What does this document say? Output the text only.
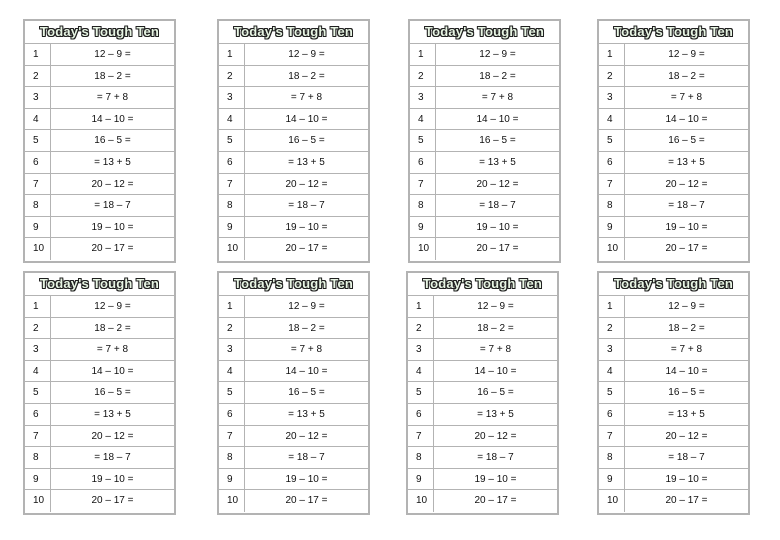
Today's Tough Ten
1	12 – 9 =
2	18 – 2 =
3	= 7 + 8
4	14 – 10 =
5	16 – 5 =
6	= 13 + 5
7	20 – 12 =
8	= 18 – 7
9	19 – 10 =
10	20 – 17 =
Today's Tough Ten
1	12 – 9 =
2	18 – 2 =
3	= 7 + 8
4	14 – 10 =
5	16 – 5 =
6	= 13 + 5
7	20 – 12 =
8	= 18 – 7
9	19 – 10 =
10	20 – 17 =
Today's Tough Ten
1	12 – 9 =
2	18 – 2 =
3	= 7 + 8
4	14 – 10 =
5	16 – 5 =
6	= 13 + 5
7	20 – 12 =
8	= 18 – 7
9	19 – 10 =
10	20 – 17 =
Today's Tough Ten
1	12 – 9 =
2	18 – 2 =
3	= 7 + 8
4	14 – 10 =
5	16 – 5 =
6	= 13 + 5
7	20 – 12 =
8	= 18 – 7
9	19 – 10 =
10	20 – 17 =
Today's Tough Ten
1	12 – 9 =
2	18 – 2 =
3	= 7 + 8
4	14 – 10 =
5	16 – 5 =
6	= 13 + 5
7	20 – 12 =
8	= 18 – 7
9	19 – 10 =
10	20 – 17 =
Today's Tough Ten
1	12 – 9 =
2	18 – 2 =
3	= 7 + 8
4	14 – 10 =
5	16 – 5 =
6	= 13 + 5
7	20 – 12 =
8	= 18 – 7
9	19 – 10 =
10	20 – 17 =
Today's Tough Ten
1	12 – 9 =
2	18 – 2 =
3	= 7 + 8
4	14 – 10 =
5	16 – 5 =
6	= 13 + 5
7	20 – 12 =
8	= 18 – 7
9	19 – 10 =
10	20 – 17 =
Today's Tough Ten
1	12 – 9 =
2	18 – 2 =
3	= 7 + 8
4	14 – 10 =
5	16 – 5 =
6	= 13 + 5
7	20 – 12 =
8	= 18 – 7
9	19 – 10 =
10	20 – 17 =
